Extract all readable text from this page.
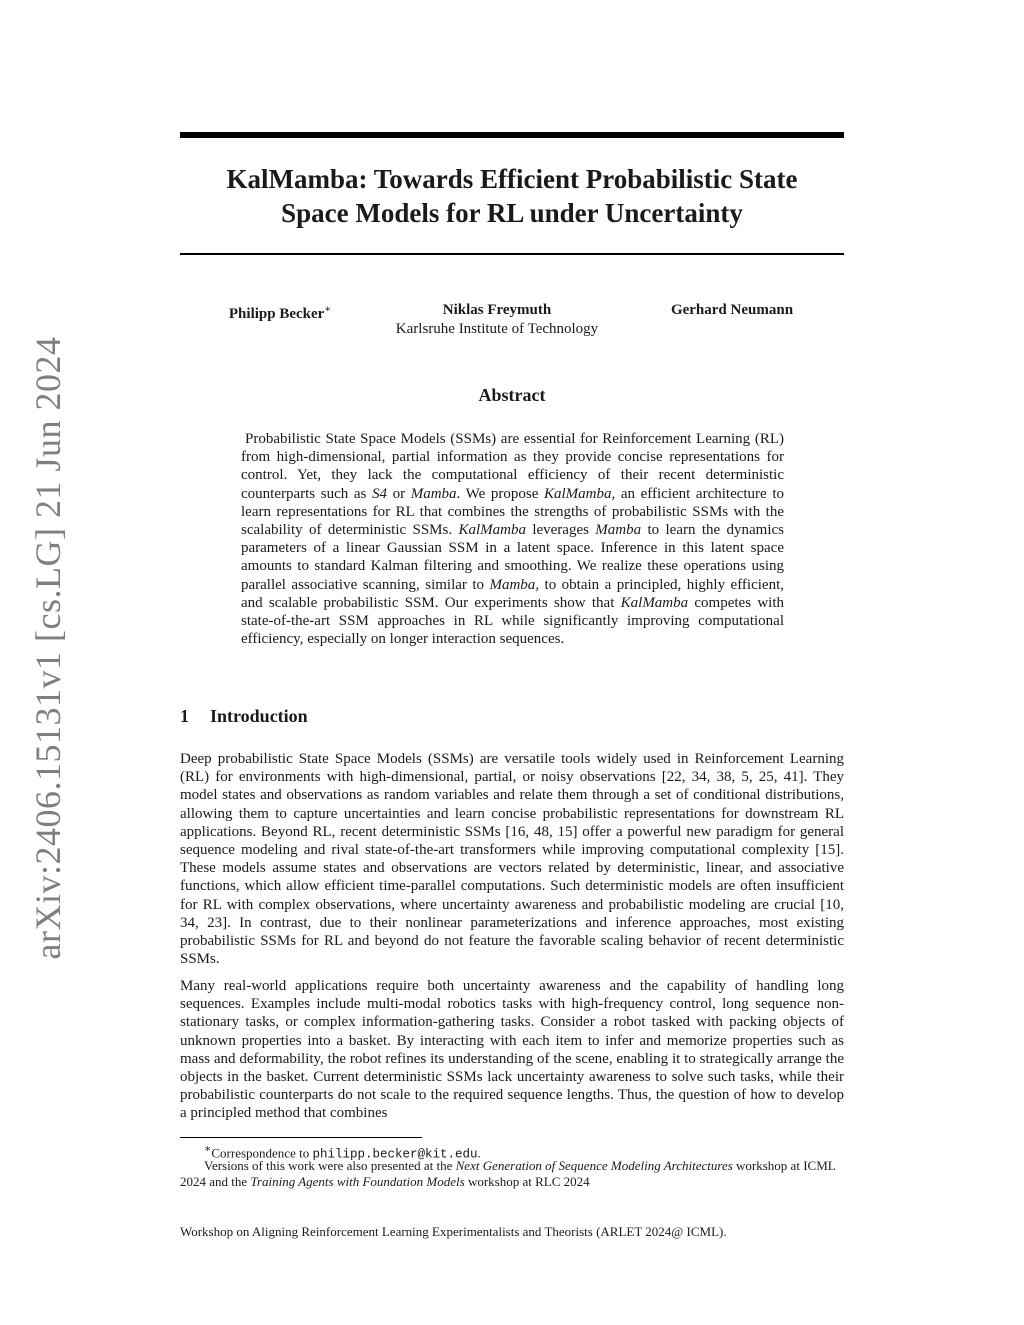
arXiv:2406.15131v1 [cs.LG] 21 Jun 2024
KalMamba: Towards Efficient Probabilistic State
Space Models for RL under Uncertainty
Philipp Becker∗	Niklas Freymuth	Gerhard Neumann
Karlsruhe Institute of Technology
Abstract
Probabilistic State Space Models (SSMs) are essential for Reinforcement Learning (RL) from high-dimensional, partial information as they provide concise representations for control. Yet, they lack the computational efficiency of their recent deterministic counterparts such as S4 or Mamba. We propose KalMamba, an efficient architecture to learn representations for RL that combines the strengths of probabilistic SSMs with the scalability of deterministic SSMs. KalMamba leverages Mamba to learn the dynamics parameters of a linear Gaussian SSM in a latent space. Inference in this latent space amounts to standard Kalman filtering and smoothing. We realize these operations using parallel associative scanning, similar to Mamba, to obtain a principled, highly efficient, and scalable probabilistic SSM. Our experiments show that KalMamba competes with state-of-the-art SSM approaches in RL while significantly improving computational efficiency, especially on longer interaction sequences.
1 Introduction
Deep probabilistic State Space Models (SSMs) are versatile tools widely used in Reinforcement Learning (RL) for environments with high-dimensional, partial, or noisy observations [22, 34, 38, 5, 25, 41]. They model states and observations as random variables and relate them through a set of conditional distributions, allowing them to capture uncertainties and learn concise probabilistic representations for downstream RL applications. Beyond RL, recent deterministic SSMs [16, 48, 15] offer a powerful new paradigm for general sequence modeling and rival state-of-the-art transformers while improving computational complexity [15]. These models assume states and observations are vectors related by deterministic, linear, and associative functions, which allow efficient time-parallel computations. Such deterministic models are often insufficient for RL with complex observations, where uncertainty awareness and probabilistic modeling are crucial [10, 34, 23]. In contrast, due to their nonlinear parameterizations and inference approaches, most existing probabilistic SSMs for RL and beyond do not feature the favorable scaling behavior of recent deterministic SSMs.
Many real-world applications require both uncertainty awareness and the capability of handling long sequences. Examples include multi-modal robotics tasks with high-frequency control, long sequence non-stationary tasks, or complex information-gathering tasks. Consider a robot tasked with packing objects of unknown properties into a basket. By interacting with each item to infer and memorize properties such as mass and deformability, the robot refines its understanding of the scene, enabling it to strategically arrange the objects in the basket. Current deterministic SSMs lack uncertainty awareness to solve such tasks, while their probabilistic counterparts do not scale to the required sequence lengths. Thus, the question of how to develop a principled method that combines
∗Correspondence to philipp.becker@kit.edu.
Versions of this work were also presented at the Next Generation of Sequence Modeling Architectures workshop at ICML 2024 and the Training Agents with Foundation Models workshop at RLC 2024
Workshop on Aligning Reinforcement Learning Experimentalists and Theorists (ARLET 2024@ ICML).
